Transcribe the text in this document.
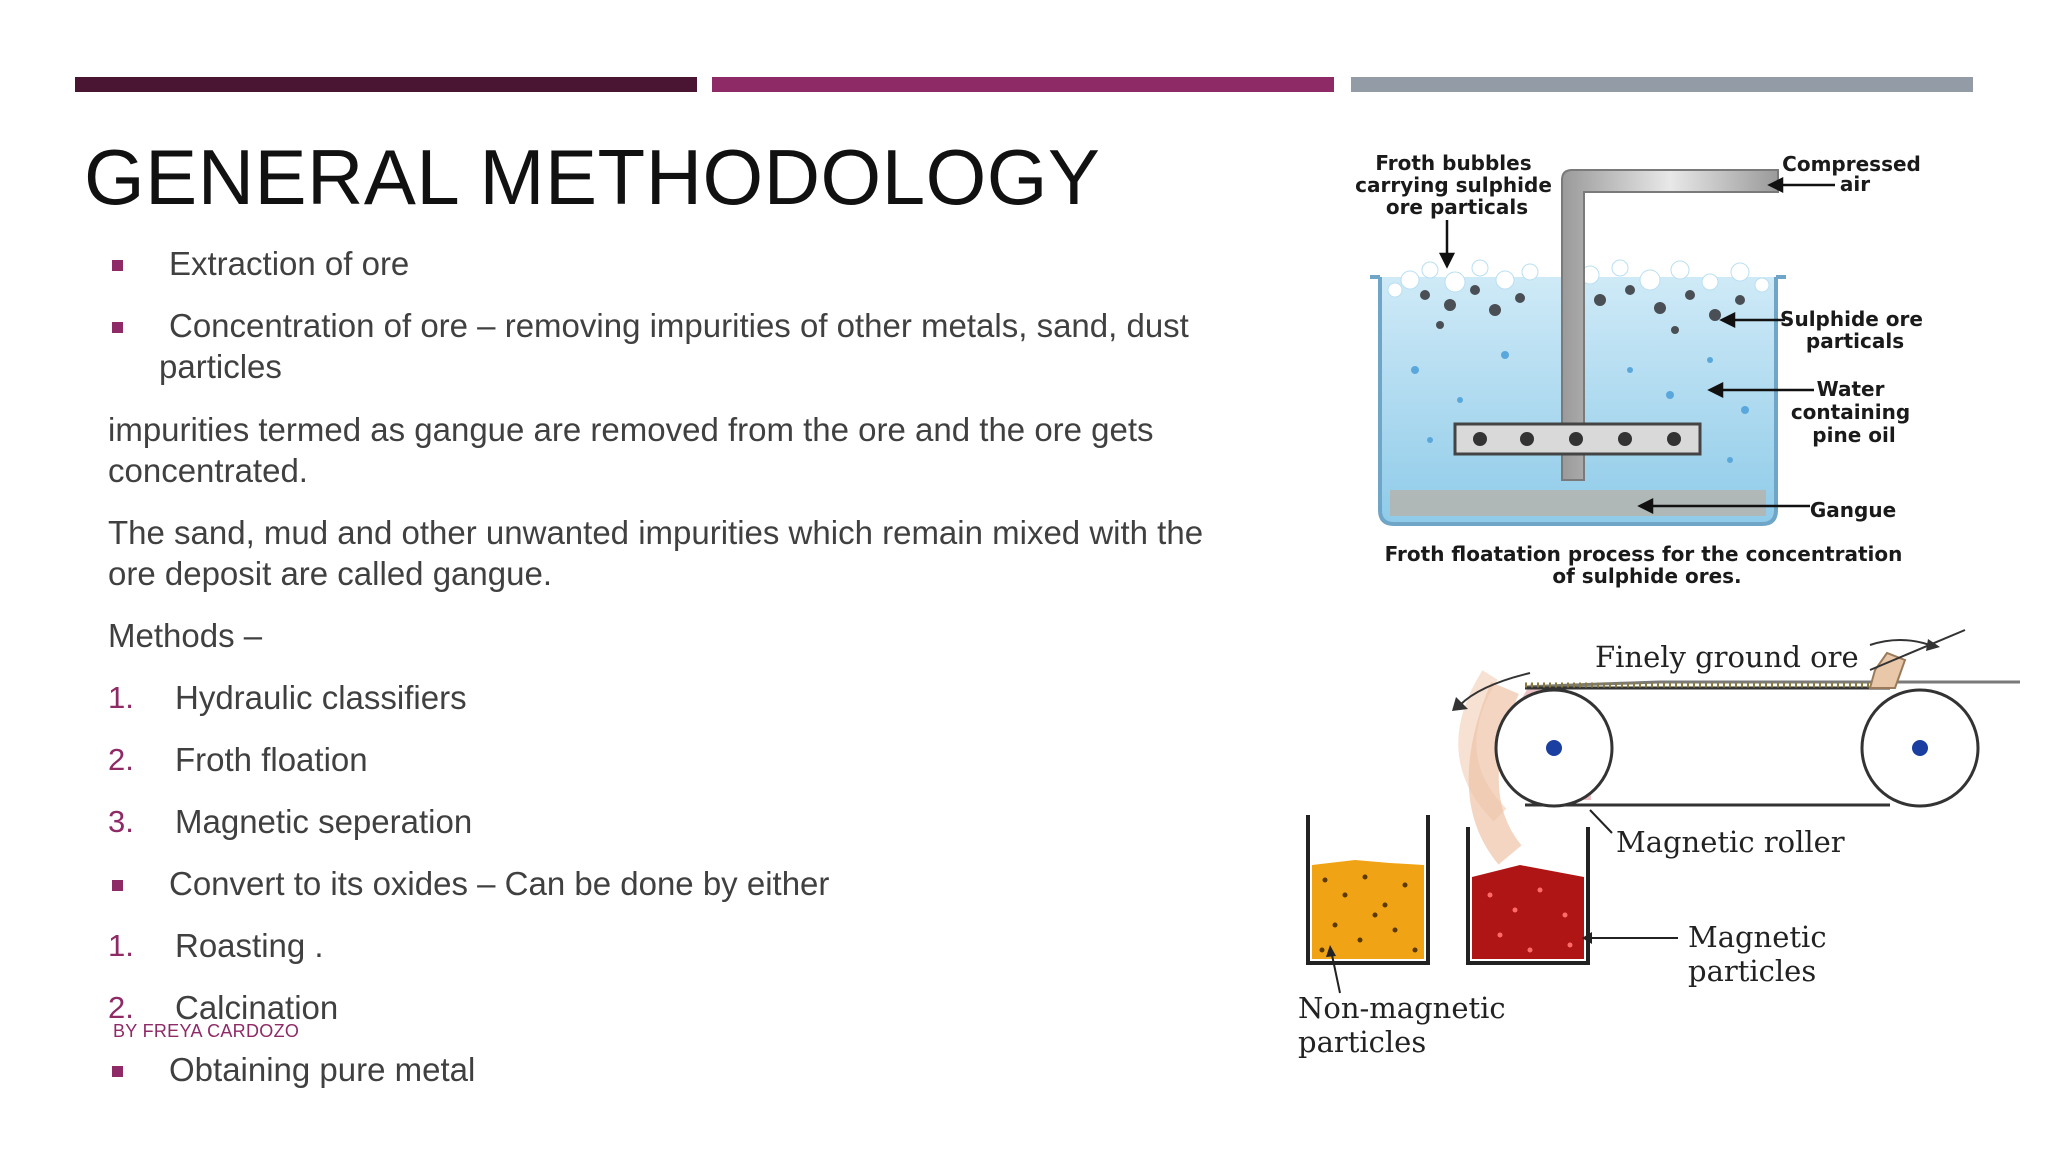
GENERAL METHODOLOGY
Extraction of ore
Concentration of ore – removing impurities of other metals, sand, dust
particles
impurities termed as gangue are removed from the ore and the ore gets
concentrated.
The sand, mud and other unwanted impurities which remain mixed with the
ore deposit are called gangue.
Methods –
1. Hydraulic classifiers
2. Froth floation
3. Magnetic seperation
Convert to its oxides – Can be done by either
1. Roasting .
2. Calcination
Obtaining pure metal
BY FREYA CARDOZO
Froth bubbles carrying sulphide ore particals
Compressed air
Sulphide ore particals
Water containing pine oil
Gangue
Froth floatation process for the concentration of sulphide ores.
Finely ground ore
Magnetic roller
Magnetic particles
Non-magnetic particles
